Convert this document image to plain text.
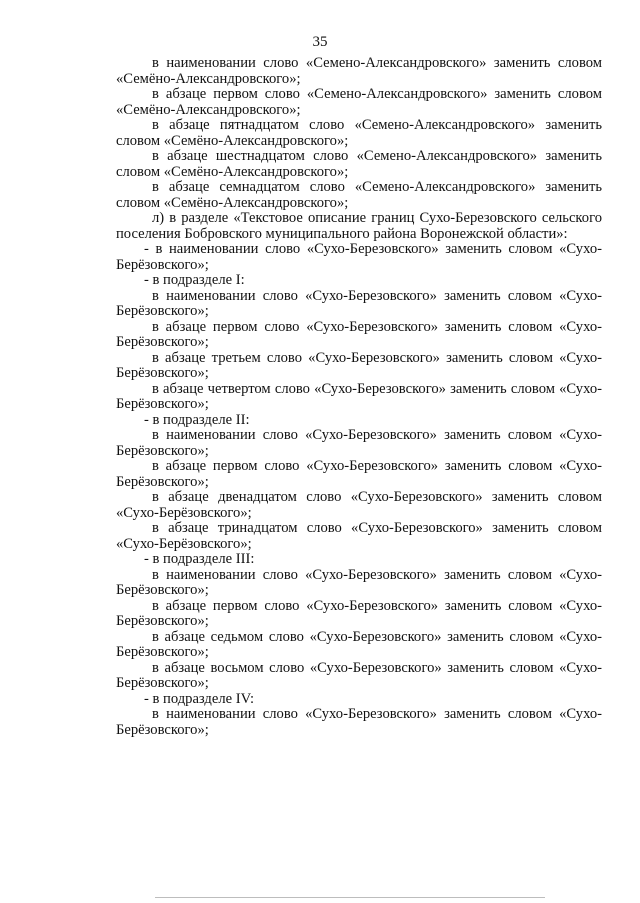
35

в наименовании слово «Семено-Александровского» заменить словом «Семёно-Александровского»;

в абзаце первом слово «Семено-Александровского» заменить словом «Семёно-Александровского»;

в абзаце пятнадцатом слово «Семено-Александровского» заменить словом «Семёно-Александровского»;

в абзаце шестнадцатом слово «Семено-Александровского» заменить словом «Семёно-Александровского»;

в абзаце семнадцатом слово «Семено-Александровского» заменить словом «Семёно-Александровского»;

л) в разделе «Текстовое описание границ Сухо-Березовского сельского поселения Бобровского муниципального района Воронежской области»:

- в наименовании слово «Сухо-Березовского» заменить словом «Сухо-Берёзовского»;

- в подразделе I:

в наименовании слово «Сухо-Березовского» заменить словом «Сухо-Берёзовского»;

в абзаце первом слово «Сухо-Березовского» заменить словом «Сухо-Берёзовского»;

в абзаце третьем слово «Сухо-Березовского» заменить словом «Сухо-Берёзовского»;

в абзаце четвертом слово «Сухо-Березовского» заменить словом «Сухо-Берёзовского»;

- в подразделе II:

в наименовании слово «Сухо-Березовского» заменить словом «Сухо-Берёзовского»;

в абзаце первом слово «Сухо-Березовского» заменить словом «Сухо-Берёзовского»;

в абзаце двенадцатом слово «Сухо-Березовского» заменить словом «Сухо-Берёзовского»;

в абзаце тринадцатом слово «Сухо-Березовского» заменить словом «Сухо-Берёзовского»;

- в подразделе III:

в наименовании слово «Сухо-Березовского» заменить словом «Сухо-Берёзовского»;

в абзаце первом слово «Сухо-Березовского» заменить словом «Сухо-Берёзовского»;

в абзаце седьмом слово «Сухо-Березовского» заменить словом «Сухо-Берёзовского»;

в абзаце восьмом слово «Сухо-Березовского» заменить словом «Сухо-Берёзовского»;

- в подразделе IV:

в наименовании слово «Сухо-Березовского» заменить словом «Сухо-Берёзовского»;
